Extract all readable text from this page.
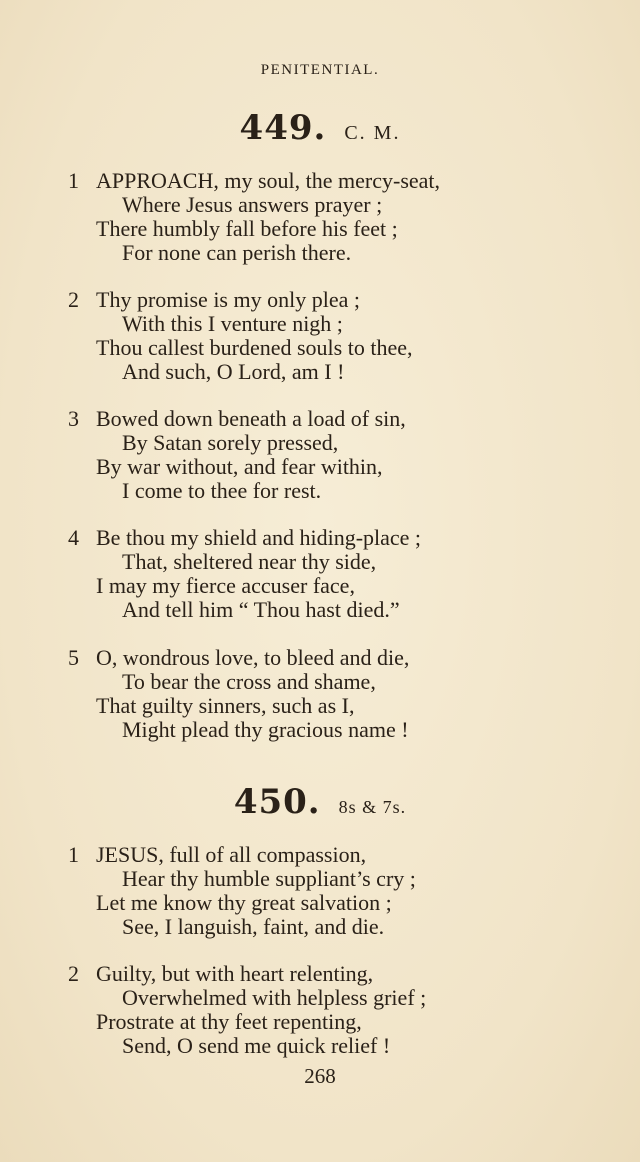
PENITENTIAL.
449. C. M.
1 APPROACH, my soul, the mercy-seat,
Where Jesus answers prayer ;
There humbly fall before his feet ;
For none can perish there.
2 Thy promise is my only plea ;
With this I venture nigh ;
Thou callest burdened souls to thee,
And such, O Lord, am I !
3 Bowed down beneath a load of sin,
By Satan sorely pressed,
By war without, and fear within,
I come to thee for rest.
4 Be thou my shield and hiding-place ;
That, sheltered near thy side,
I may my fierce accuser face,
And tell him “ Thou hast died.”
5 O, wondrous love, to bleed and die,
To bear the cross and shame,
That guilty sinners, such as I,
Might plead thy gracious name !
450. 8s & 7s.
1 JESUS, full of all compassion,
Hear thy humble suppliant’s cry ;
Let me know thy great salvation ;
See, I languish, faint, and die.
2 Guilty, but with heart relenting,
Overwhelmed with helpless grief ;
Prostrate at thy feet repenting,
Send, O send me quick relief !
268
